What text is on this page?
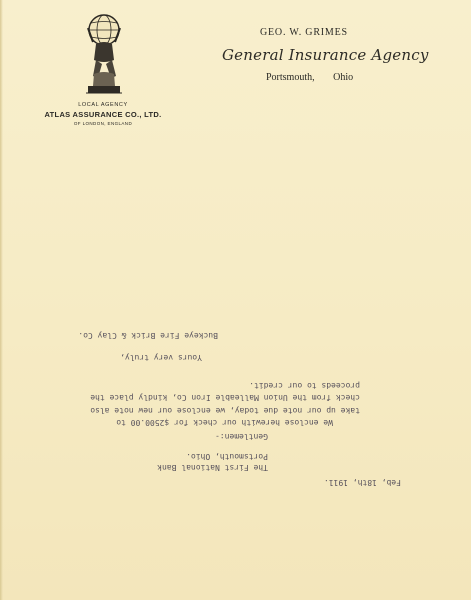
LOCAL AGENCY
ATLAS ASSURANCE CO., LTD.
OF LONDON, ENGLAND
GEO. W. GRIMES
General Insurance Agency
Portsmouth, Ohio
Feb, 18th, 1911.
The First National Bank
Portsmouth, Ohio.
Gentlemen:-
We enclose herewith our check for $2500.00 to
take up our note due today, we enclose our new note also
check from the Union Malleable Iron Co, kindly place the
proceeds to our credit.
Yours very truly,
Buckeye Fire Brick & Clay Co.
